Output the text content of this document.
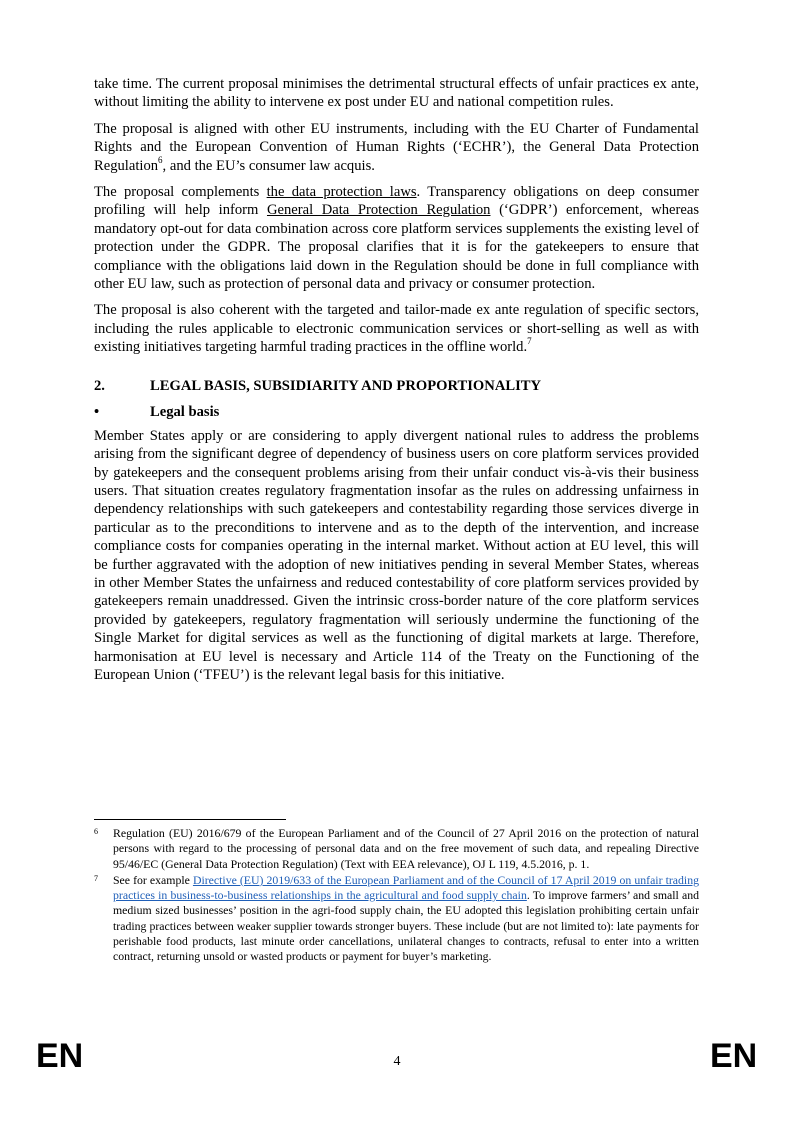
take time. The current proposal minimises the detrimental structural effects of unfair practices ex ante, without limiting the ability to intervene ex post under EU and national competition rules.

The proposal is aligned with other EU instruments, including with the EU Charter of Fundamental Rights and the European Convention of Human Rights (‘ECHR’), the General Data Protection Regulation$^6$, and the EU’s consumer law acquis.

The proposal complements the data protection laws. Transparency obligations on deep consumer profiling will help inform General Data Protection Regulation (‘GDPR’) enforcement, whereas mandatory opt-out for data combination across core platform services supplements the existing level of protection under the GDPR. The proposal clarifies that it is for the gatekeepers to ensure that compliance with the obligations laid down in the Regulation should be done in full compliance with other EU law, such as protection of personal data and privacy or consumer protection.

The proposal is also coherent with the targeted and tailor-made ex ante regulation of specific sectors, including the rules applicable to electronic communication services or short-selling as well as with existing initiatives targeting harmful trading practices in the offline world.$^7$

2.	LEGAL BASIS, SUBSIDIARITY AND PROPORTIONALITY
•	Legal basis

Member States apply or are considering to apply divergent national rules to address the problems arising from the significant degree of dependency of business users on core platform services provided by gatekeepers and the consequent problems arising from their unfair conduct vis-à-vis their business users. That situation creates regulatory fragmentation insofar as the rules on addressing unfairness in dependency relationships with such gatekeepers and contestability regarding those services diverge in particular as to the preconditions to intervene and as to the depth of the intervention, and increase compliance costs for companies operating in the internal market. Without action at EU level, this will be further aggravated with the adoption of new initiatives pending in several Member States, whereas in other Member States the unfairness and reduced contestability of core platform services provided by gatekeepers remain unaddressed. Given the intrinsic cross-border nature of the core platform services provided by gatekeepers, regulatory fragmentation will seriously undermine the functioning of the Single Market for digital services as well as the functioning of digital markets at large. Therefore, harmonisation at EU level is necessary and Article 114 of the Treaty on the Functioning of the European Union (‘TFEU’) is the relevant legal basis for this initiative.

6	Regulation (EU) 2016/679 of the European Parliament and of the Council of 27 April 2016 on the protection of natural persons with regard to the processing of personal data and on the free movement of such data, and repealing Directive 95/46/EC (General Data Protection Regulation) (Text with EEA relevance), OJ L 119, 4.5.2016, p. 1.
7	See for example Directive (EU) 2019/633 of the European Parliament and of the Council of 17 April 2019 on unfair trading practices in business-to-business relationships in the agricultural and food supply chain. To improve farmers’ and small and medium sized businesses’ position in the agri-food supply chain, the EU adopted this legislation prohibiting certain unfair trading practices between weaker supplier towards stronger buyers. These include (but are not limited to): late payments for perishable food products, last minute order cancellations, unilateral changes to contracts, refusal to enter into a written contract, returning unsold or wasted products or payment for buyer’s marketing.
EN	4	EN
